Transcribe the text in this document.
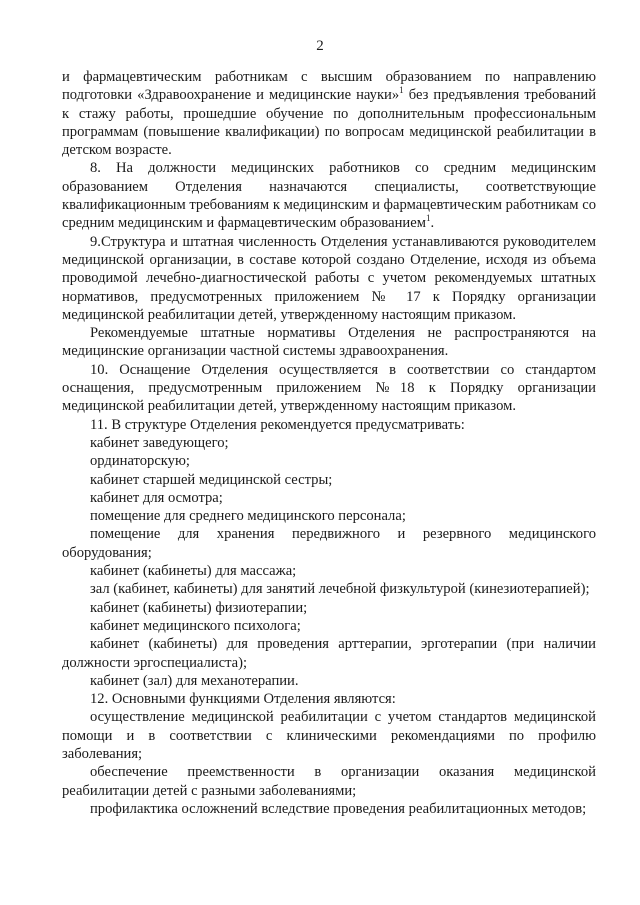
2

и фармацевтическим работникам с высшим образованием по направлению подготовки «Здравоохранение и медицинские науки»$^1$ без предъявления требований к стажу работы, прошедшие обучение по дополнительным профессиональным программам (повышение квалификации) по вопросам медицинской реабилитации в детском возрасте.

8. На должности медицинских работников со средним медицинским образованием Отделения назначаются специалисты, соответствующие квалификационным требованиям к медицинским и фармацевтическим работникам со средним медицинским и фармацевтическим образованием$^1$.

9.Структура и штатная численность Отделения устанавливаются руководителем медицинской организации, в составе которой создано Отделение, исходя из объема проводимой лечебно-диагностической работы с учетом рекомендуемых штатных нормативов, предусмотренных приложением № 17 к Порядку организации медицинской реабилитации детей, утвержденному настоящим приказом.

Рекомендуемые штатные нормативы Отделения не распространяются на медицинские организации частной системы здравоохранения.

10. Оснащение Отделения осуществляется в соответствии со стандартом оснащения, предусмотренным приложением №18 к Порядку организации медицинской реабилитации детей, утвержденному настоящим приказом.

11. В структуре Отделения рекомендуется предусматривать:

кабинет заведующего;

ординаторскую;

кабинет старшей медицинской сестры;

кабинет для осмотра;

помещение для среднего медицинского персонала;

помещение для хранения передвижного и резервного медицинского оборудования;

кабинет (кабинеты) для массажа;

зал (кабинет, кабинеты) для занятий лечебной физкультурой (кинезиотерапией);

кабинет (кабинеты) физиотерапии;

кабинет медицинского психолога;

кабинет (кабинеты) для проведения арттерапии, эрготерапии (при наличии должности эргоспециалиста);

кабинет (зал) для механотерапии.

12. Основными функциями Отделения являются:

осуществление медицинской реабилитации с учетом стандартов медицинской помощи и в соответствии с клиническими рекомендациями по профилю заболевания;

обеспечение преемственности в организации оказания медицинской реабилитации детей с разными заболеваниями;

профилактика осложнений вследствие проведения реабилитационных методов;
